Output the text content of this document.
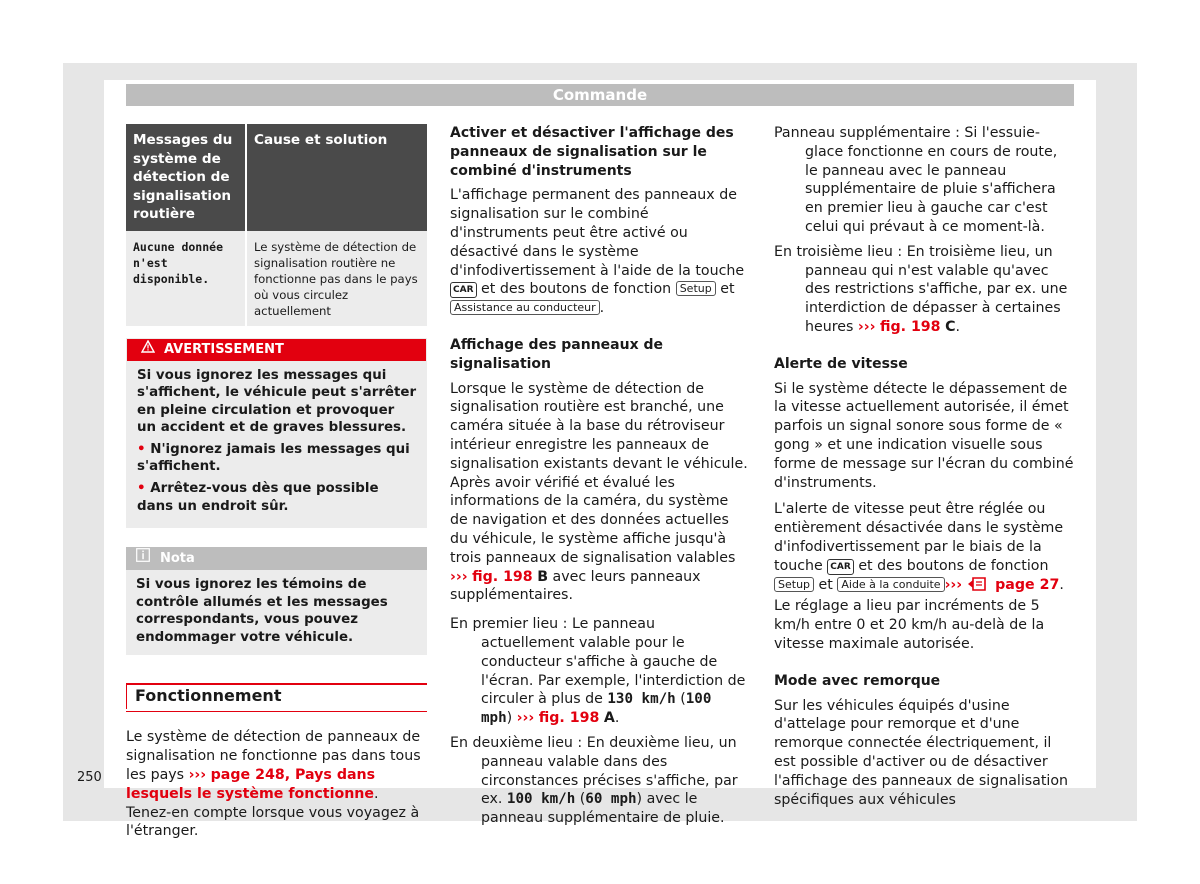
Commande
Messages du système de détection de signalisation routière	Cause et solution
Aucune donnée n'est disponible.	Le système de détection de signalisation routière ne fonctionne pas dans le pays où vous circulez actuellement
AVERTISSEMENT

Si vous ignorez les messages qui s'affichent, le véhicule peut s'arrêter en pleine circulation et provoquer un accident et de graves blessures.

• N'ignorez jamais les messages qui s'affichent.

• Arrêtez-vous dès que possible dans un endroit sûr.

Nota

Si vous ignorez les témoins de contrôle allumés et les messages correspondants, vous pouvez endommager votre véhicule.

Fonctionnement

Le système de détection de panneaux de signalisation ne fonctionne pas dans tous les pays ››› page 248, Pays dans lesquels le système fonctionne. Tenez-en compte lorsque vous voyagez à l'étranger.

Activer et désactiver l'affichage des panneaux de signalisation sur le combiné d'instruments

L'affichage permanent des panneaux de signalisation sur le combiné d'instruments peut être activé ou désactivé dans le système d'infodivertissement à l'aide de la touche CAR et des boutons de fonction Setup et Assistance au conducteur .

Affichage des panneaux de signalisation

Lorsque le système de détection de signalisation routière est branché, une caméra située à la base du rétroviseur intérieur enregistre les panneaux de signalisation existants devant le véhicule. Après avoir vérifié et évalué les informations de la caméra, du système de navigation et des données actuelles du véhicule, le système affiche jusqu'à trois panneaux de signalisation valables ››› fig. 198 B avec leurs panneaux supplémentaires.

En premier lieu : Le panneau actuellement valable pour le conducteur s'affiche à gauche de l'écran. Par exemple, l'interdiction de circuler à plus de 130 km/h (100 mph) ››› fig. 198 A.

En deuxième lieu : En deuxième lieu, un panneau valable dans des circonstances précises s'affiche, par ex. 100 km/h (60 mph) avec le panneau supplémentaire de pluie.

Panneau supplémentaire : Si l'essuie-glace fonctionne en cours de route, le panneau avec le panneau supplémentaire de pluie s'affichera en premier lieu à gauche car c'est celui qui prévaut à ce moment-là.

En troisième lieu : En troisième lieu, un panneau qui n'est valable qu'avec des restrictions s'affiche, par ex. une interdiction de dépasser à certaines heures ››› fig. 198 C.

Alerte de vitesse

Si le système détecte le dépassement de la vitesse actuellement autorisée, il émet parfois un signal sonore sous forme de « gong » et une indication visuelle sous forme de message sur l'écran du combiné d'instruments.

L'alerte de vitesse peut être réglée ou entièrement désactivée dans le système d'infodivertissement par le biais de la touche CAR et des boutons de fonction Setup et Aide à la conduite ››› page 27. Le réglage a lieu par incréments de 5 km/h entre 0 et 20 km/h au-delà de la vitesse maximale autorisée.

Mode avec remorque

Sur les véhicules équipés d'usine d'attelage pour remorque et d'une remorque connectée électriquement, il est possible d'activer ou de désactiver l'affichage des panneaux de signalisation spécifiques aux véhicules

250
